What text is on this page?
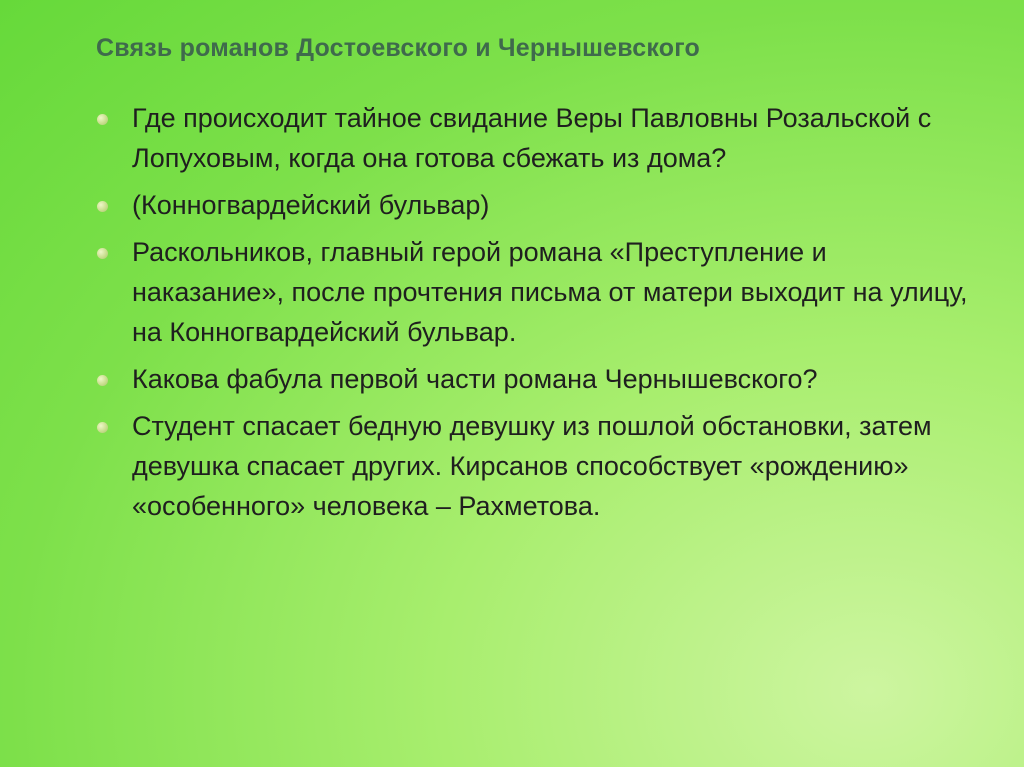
Связь романов Достоевского и Чернышевского
Где происходит тайное свидание Веры Павловны Розальской с Лопуховым, когда она готова сбежать из дома?
(Конногвардейский бульвар)
Раскольников, главный герой романа «Преступление и наказание», после прочтения письма от матери выходит на улицу, на Конногвардейский бульвар.
Какова фабула первой части романа Чернышевского?
Студент спасает бедную девушку из пошлой обстановки, затем девушка спасает других. Кирсанов способствует «рождению» «особенного» человека – Рахметова.
